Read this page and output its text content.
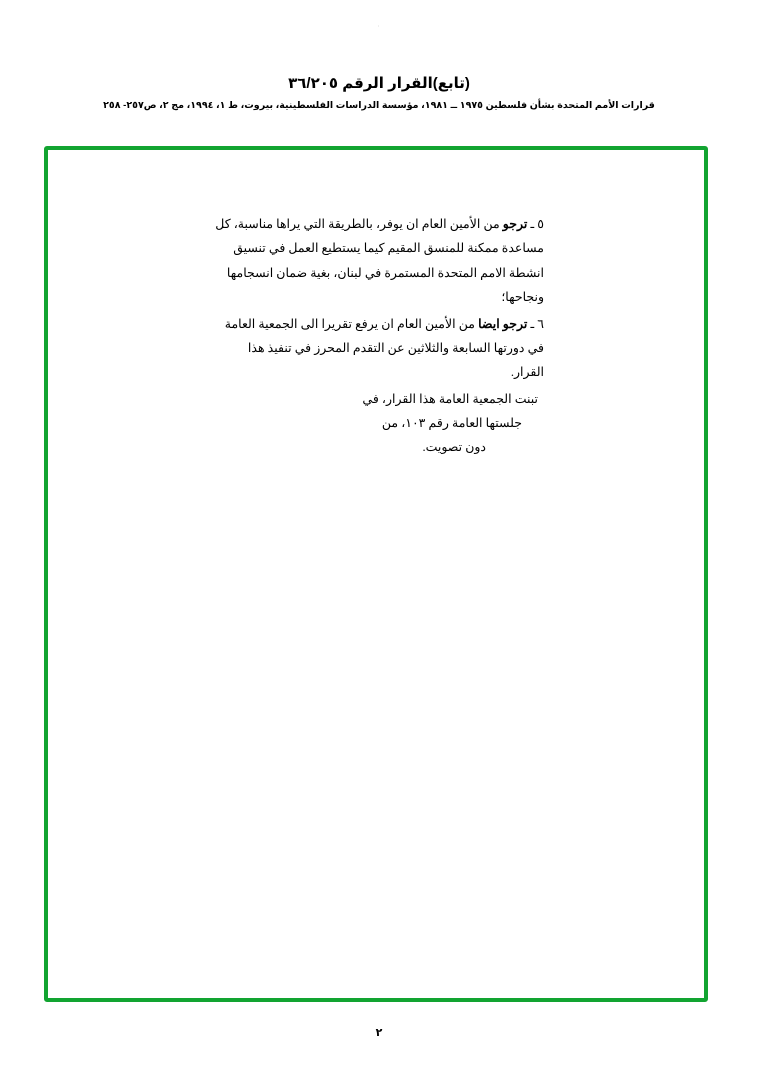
·
(تابع)القرار الرقم ٣٦/٢٠٥
قرارات الأمم المتحدة بشأن فلسطين ١٩٧٥ ــ ١٩٨١، مؤسسة الدراسات الفلسطينية، بيروت، ط ١، ١٩٩٤، مج ٢، ص٢٥٧- ٢٥٨

٥ ـ ترجو من الأمين العام ان يوفر، بالطريقة التي يراها مناسبة، كل مساعدة ممكنة للمنسق المقيم كيما يستطيع العمل في تنسيق انشطة الامم المتحدة المستمرة في لبنان، بغية ضمان انسجامها ونجاحها؛

٦ ـ ترجو ايضا من الأمين العام ان يرفع تقريرا الى الجمعية العامة في دورتها السابعة والثلاثين عن التقدم المحرز في تنفيذ هذا القرار.

تبنت الجمعية العامة هذا القرار، في

جلستها العامة رقم ١٠٣، من

دون تصويت.

٢
